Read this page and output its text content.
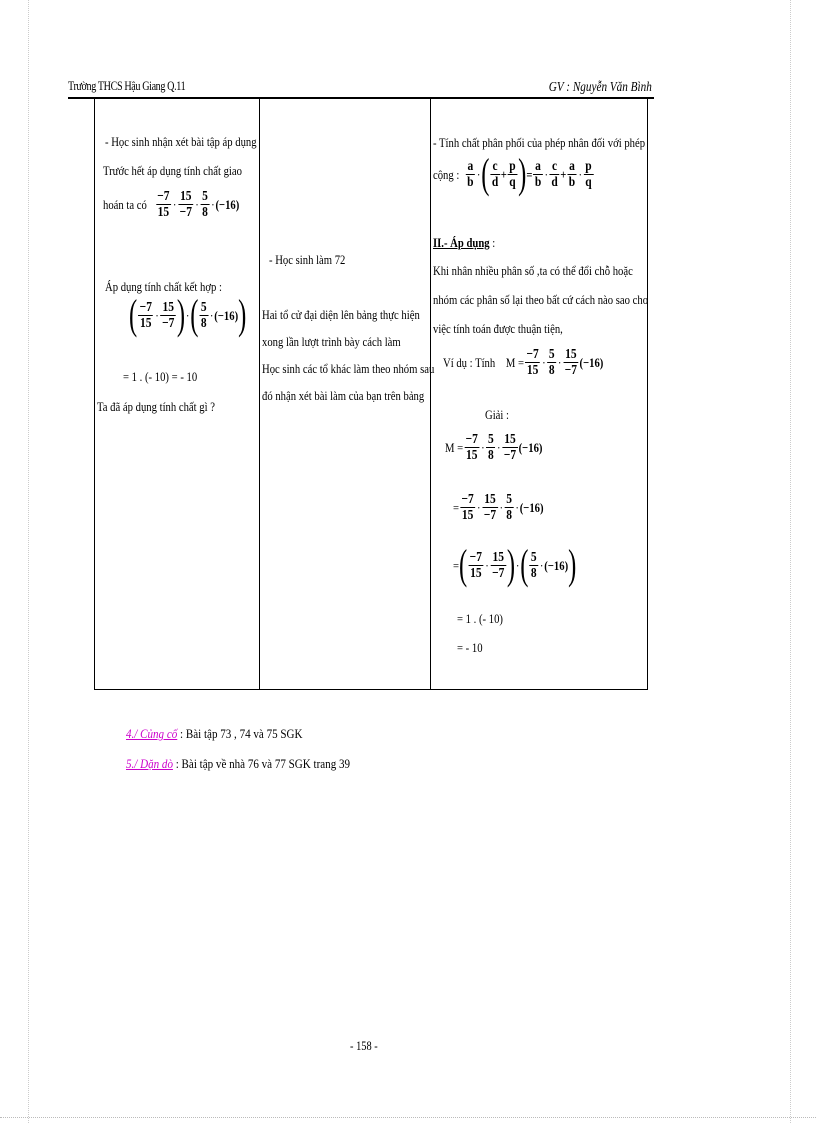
Trường THCS Hậu Giang Q.11	GV : Nguyễn Văn Bình
- Học sinh nhận xét bài tập áp dụng
Trước hết áp dụng tính chất giao
hoán ta có
$\frac{-7}{15} \cdot \frac{15}{-7} \cdot \frac{5}{8} \cdot (-16)$
Áp dụng tính chất kết hợp :
( $\frac{-7}{15} \cdot \frac{15}{-7}$ ) · ( $\frac{5}{8} \cdot (-16)$ )
= 1 . (- 10) = - 10
Ta đã áp dụng tính chất gì ?
- Học sinh làm 72
Hai tổ cử đại diện lên bảng thực hiện
xong lần lượt trình bày cách làm
Học sinh các tổ khác làm theo nhóm sau
đó nhận xét bài làm của bạn trên bảng
- Tính chất phân phối của phép nhân đối với phép
cộng :
$\frac{a}{b}$ · ( $\frac{c}{d} + \frac{p}{q}$ ) = $\frac{a}{b} \cdot \frac{c}{d} + \frac{a}{b} \cdot \frac{p}{q}$
II.- Áp dụng :
Khi nhân nhiều phân số ,ta có thể đổi chỗ hoặc
nhóm các phân số lại theo bất cứ cách nào sao cho
việc tính toán được thuận tiện,
Ví dụ : Tính
$M = \frac{-7}{15} \cdot \frac{5}{8} \cdot \frac{15}{-7} (-16)$
Giải :
$M = \frac{-7}{15} \cdot \frac{5}{8} \cdot \frac{15}{-7} (-16)$
= $\frac{-7}{15} \cdot \frac{15}{-7} \cdot \frac{5}{8} \cdot (-16)$
= ( $\frac{-7}{15} \cdot \frac{15}{-7}$ ) · ( $\frac{5}{8} \cdot (-16)$ )
= 1 . (- 10)
= - 10
4./ Củng cố : Bài tập 73 , 74 và 75 SGK
5./ Dặn dò : Bài tập về nhà 76 và 77 SGK trang 39
- 158 -
